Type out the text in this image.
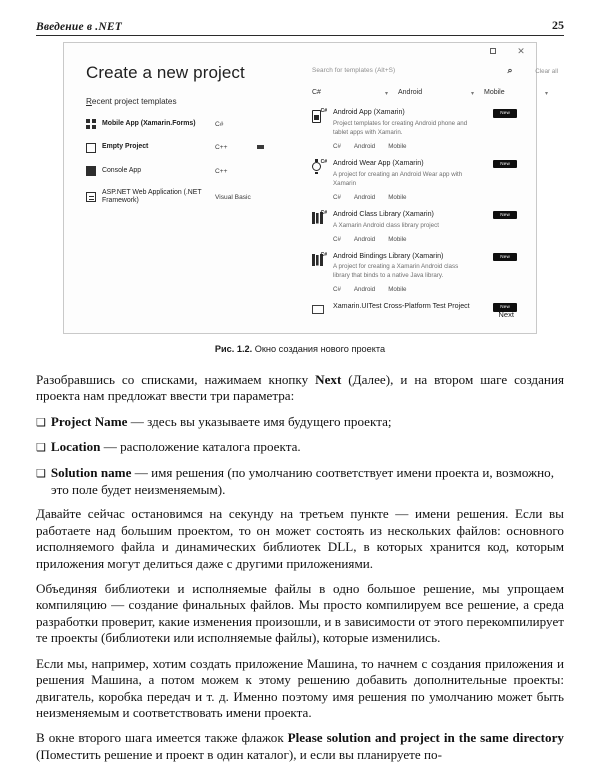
Введение в .NET	25
✕
Create a new project
Recent project templates
Mobile App (Xamarin.Forms)	C#
Empty Project	C++
Console App	C++
ASP.NET Web Application (.NET Framework)	Visual Basic
Search for templates (Alt+S)	⌕	Clear all
C#	▾ Android	▾ Mobile	▾
C# Android App (Xamarin)
Project templates for creating Android phone and tablet apps with Xamarin.
C# Android Mobile
New
C# Android Wear App (Xamarin)
A project for creating an Android Wear app with Xamarin
C# Android Mobile
New
C# Android Class Library (Xamarin)
A Xamarin Android class library project
C# Android Mobile
New
C# Android Bindings Library (Xamarin)
A project for creating a Xamarin Android class library that binds to a native Java library.
C# Android Mobile
New
Xamarin.UITest Cross-Platform Test Project	New
Next
Рис. 1.2. Окно создания нового проекта

Разобравшись со списками, нажимаем кнопку Next (Далее), и на втором шаге создания проекта нам предложат ввести три параметра:

❑ Project Name — здесь вы указываете имя будущего проекта;

❑ Location — расположение каталога проекта.

❑ Solution name — имя решения (по умолчанию соответствует имени проекта и, возможно, это поле будет неизменяемым).

Давайте сейчас остановимся на секунду на третьем пункте — имени решения. Если вы работаете над большим проектом, то он может состоять из нескольких файлов: основного исполняемого файла и динамических библиотек DLL, в которых хранится код, которым приложения могут делиться даже с другими приложениями.

Объединяя библиотеки и исполняемые файлы в одно большое решение, мы упрощаем компиляцию — создание финальных файлов. Мы просто компилируем все решение, а среда разработки проверит, какие изменения произошли, и в зависимости от этого перекомпилирует те проекты (библиотеки или исполняемые файлы), которые изменились.

Если мы, например, хотим создать приложение Машина, то начнем с создания приложения и решения Машина, а потом можем к этому решению добавить дополнительные проекты: двигатель, коробка передач и т. д. Именно поэтому имя решения по умолчанию может быть неизменяемым и соответствовать имени проекта.

В окне второго шага имеется также флажок Please solution and project in the same directory (Поместить решение и проект в один каталог), и если вы планируете по-
